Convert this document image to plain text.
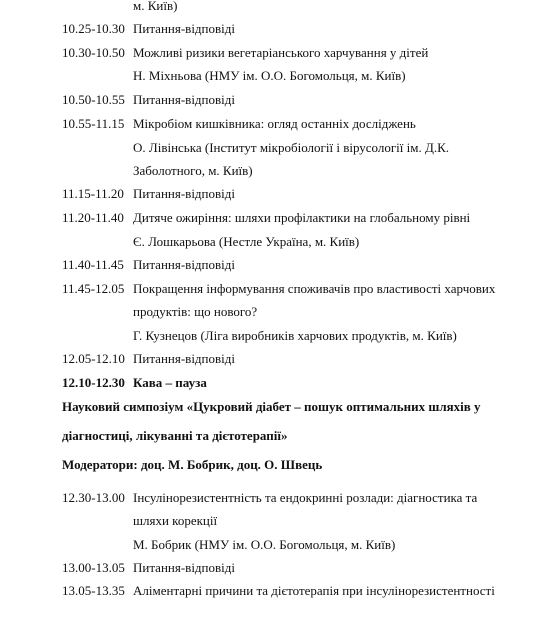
м. Київ)
10.25-10.30 Питання-відповіді
10.30-10.50 Можливі ризики вегетаріанського харчування у дітей
Н. Міхньова (НМУ ім. О.О. Богомольця, м. Київ)
10.50-10.55 Питання-відповіді
10.55-11.15 Мікробіом кишківника: огляд останніх досліджень
О. Лівінська (Інститут мікробіології і вірусології ім. Д.К.
Заболотного, м. Київ)
11.15-11.20 Питання-відповіді
11.20-11.40 Дитяче ожиріння: шляхи профілактики на глобальному рівні
Є. Лошкарьова (Нестле Україна, м. Київ)
11.40-11.45 Питання-відповіді
11.45-12.05 Покращення інформування споживачів про властивості харчових
продуктів: що нового?
Г. Кузнецов (Ліга виробників харчових продуктів, м. Київ)
12.05-12.10 Питання-відповіді
12.10-12.30 Кава – пауза
Науковий симпозіум «Цукровий діабет – пошук оптимальних шляхів у
діагностиці, лікуванні та дієтотерапії»
Модератори: доц. М. Бобрик, доц. О. Швець
12.30-13.00 Інсулінорезистентність та ендокринні розлади: діагностика та
шляхи корекції
М. Бобрик (НМУ ім. О.О. Богомольця, м. Київ)
13.00-13.05 Питання-відповіді
13.05-13.35 Аліментарні причини та дієтотерапія при інсулінорезистентності
